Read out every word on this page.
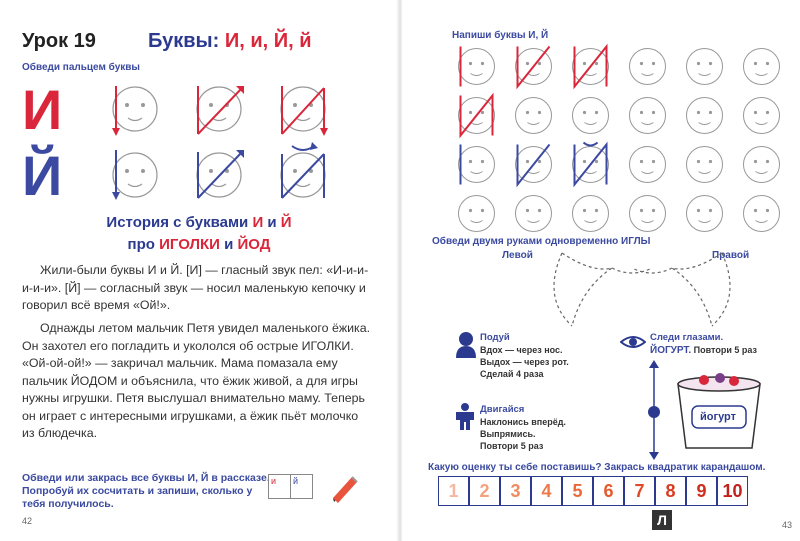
Урок 19	Буквы: И, и, Й, й
Обведи пальцем буквы
И
Й
История с буквами И и Й
про ИГОЛКИ и ЙОД
Жили-были буквы И и Й. [И] — гласный звук пел: «И-и-и-и-и-и». [Й] — согласный звук — носил маленькую кепочку и говорил всё время «Ой!».
Однажды летом мальчик Петя увидел маленького ёжика. Он захотел его погладить и укололся об острые ИГОЛКИ. «Ой-ой-ой!» — закричал мальчик. Мама помазала ему пальчик ЙОДОМ и объяснила, что ёжик живой, а для игры нужны игрушки. Петя выслушал внимательно маму. Теперь он играет с интересными игрушками, а ёжик пьёт молочко из блюдечка.
Обведи или закрась все буквы И, Й в рассказе. Попробуй их сосчитать и запиши, сколько у тебя получилось.
и	й
42
Напиши буквы И, Й
Обведи двумя руками одновременно ИГЛЫ
Левой	Правой
Подуй
Вдох — через нос.
Выдох — через рот.
Сделай 4 раза
Двигайся
Наклонись вперёд.
Выпрямись.
Повтори 5 раз
Следи глазами.
ЙОГУРТ. Повтори 5 раз
йогурт
Какую оценку ты себе поставишь? Закрась квадратик карандашом.
1	2	3	4	5	6	7	8	9 10
Л	43
